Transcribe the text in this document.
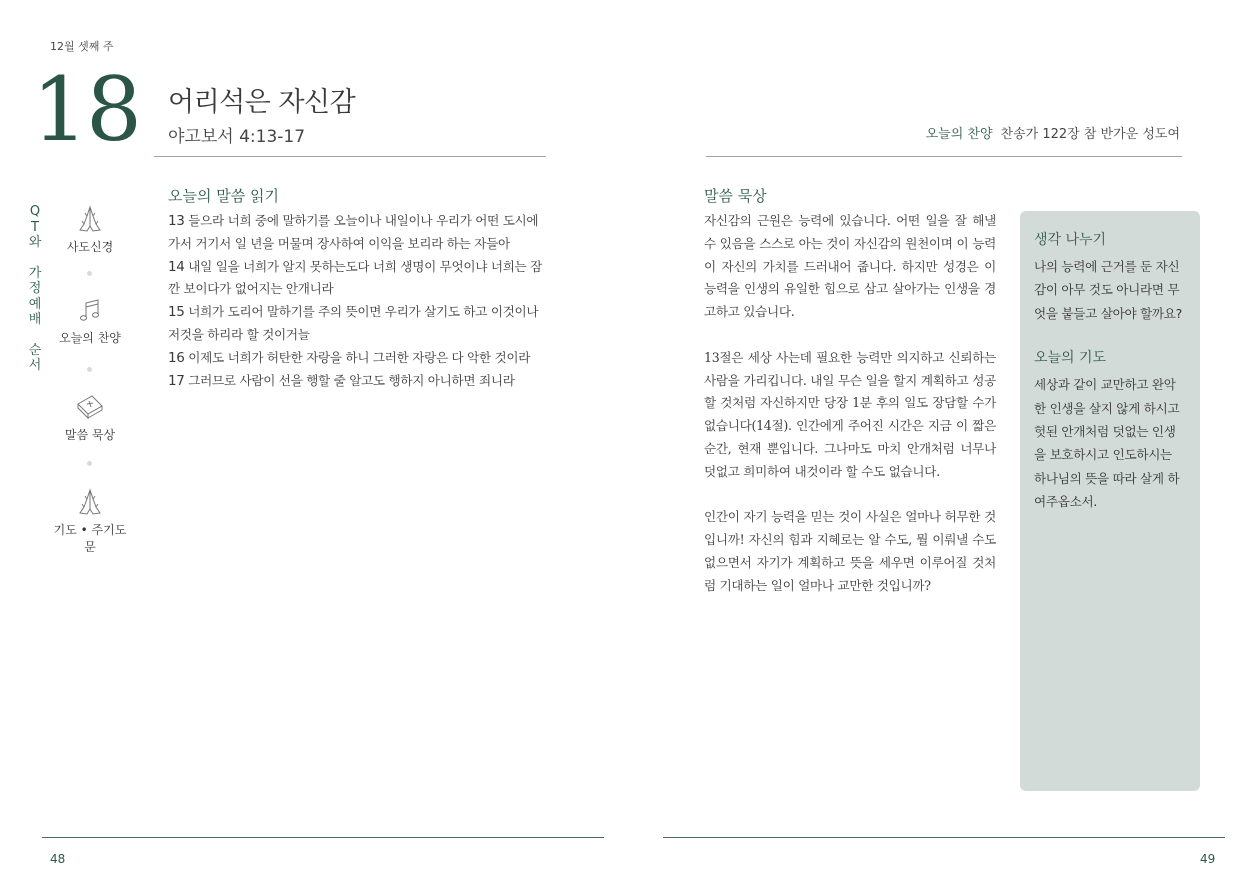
12월 셋째 주
18 어리석은 자신감
야고보서 4:13-17	오늘의 찬양 찬송가 122장 참 반가운 성도여
Q
T
와
가
정
예
배
순
서
사도신경
오늘의 찬양
말씀 묵상
기도 • 주기도문
오늘의 말씀 읽기

13 들으라 너희 중에 말하기를 오늘이나 내일이나 우리가 어떤 도시에 가서 거기서 일 년을 머물며 장사하여 이익을 보리라 하는 자들아

14 내일 일을 너희가 알지 못하는도다 너희 생명이 무엇이냐 너희는 잠깐 보이다가 없어지는 안개니라

15 너희가 도리어 말하기를 주의 뜻이면 우리가 살기도 하고 이것이나 저것을 하리라 할 것이거늘

16 이제도 너희가 허탄한 자랑을 하니 그러한 자랑은 다 악한 것이라

17 그러므로 사람이 선을 행할 줄 알고도 행하지 아니하면 죄니라

말씀 묵상

자신감의 근원은 능력에 있습니다. 어떤 일을 잘 해낼 수 있음을 스스로 아는 것이 자신감의 원천이며 이 능력이 자신의 가치를 드러내어 줍니다. 하지만 성경은 이 능력을 인생의 유일한 힘으로 삼고 살아가는 인생을 경고하고 있습니다.

13절은 세상 사는데 필요한 능력만 의지하고 신뢰하는 사람을 가리킵니다. 내일 무슨 일을 할지 계획하고 성공할 것처럼 자신하지만 당장 1분 후의 일도 장담할 수가 없습니다(14절). 인간에게 주어진 시간은 지금 이 짧은 순간, 현재 뿐입니다. 그나마도 마치 안개처럼 너무나 덧없고 희미하여 내것이라 할 수도 없습니다.

인간이 자기 능력을 믿는 것이 사실은 얼마나 허무한 것입니까! 자신의 힘과 지혜로는 알 수도, 뭘 이뤄낼 수도 없으면서 자기가 계획하고 뜻을 세우면 이루어질 것처럼 기대하는 일이 얼마나 교만한 것입니까?

생각 나누기
나의 능력에 근거를 둔 자신감이 아무 것도 아니라면 무엇을 붙들고 살아야 할까요?
오늘의 기도
세상과 같이 교만하고 완악한 인생을 살지 않게 하시고 헛된 안개처럼 덧없는 인생을 보호하시고 인도하시는 하나님의 뜻을 따라 살게 하여주옵소서.
48	49
